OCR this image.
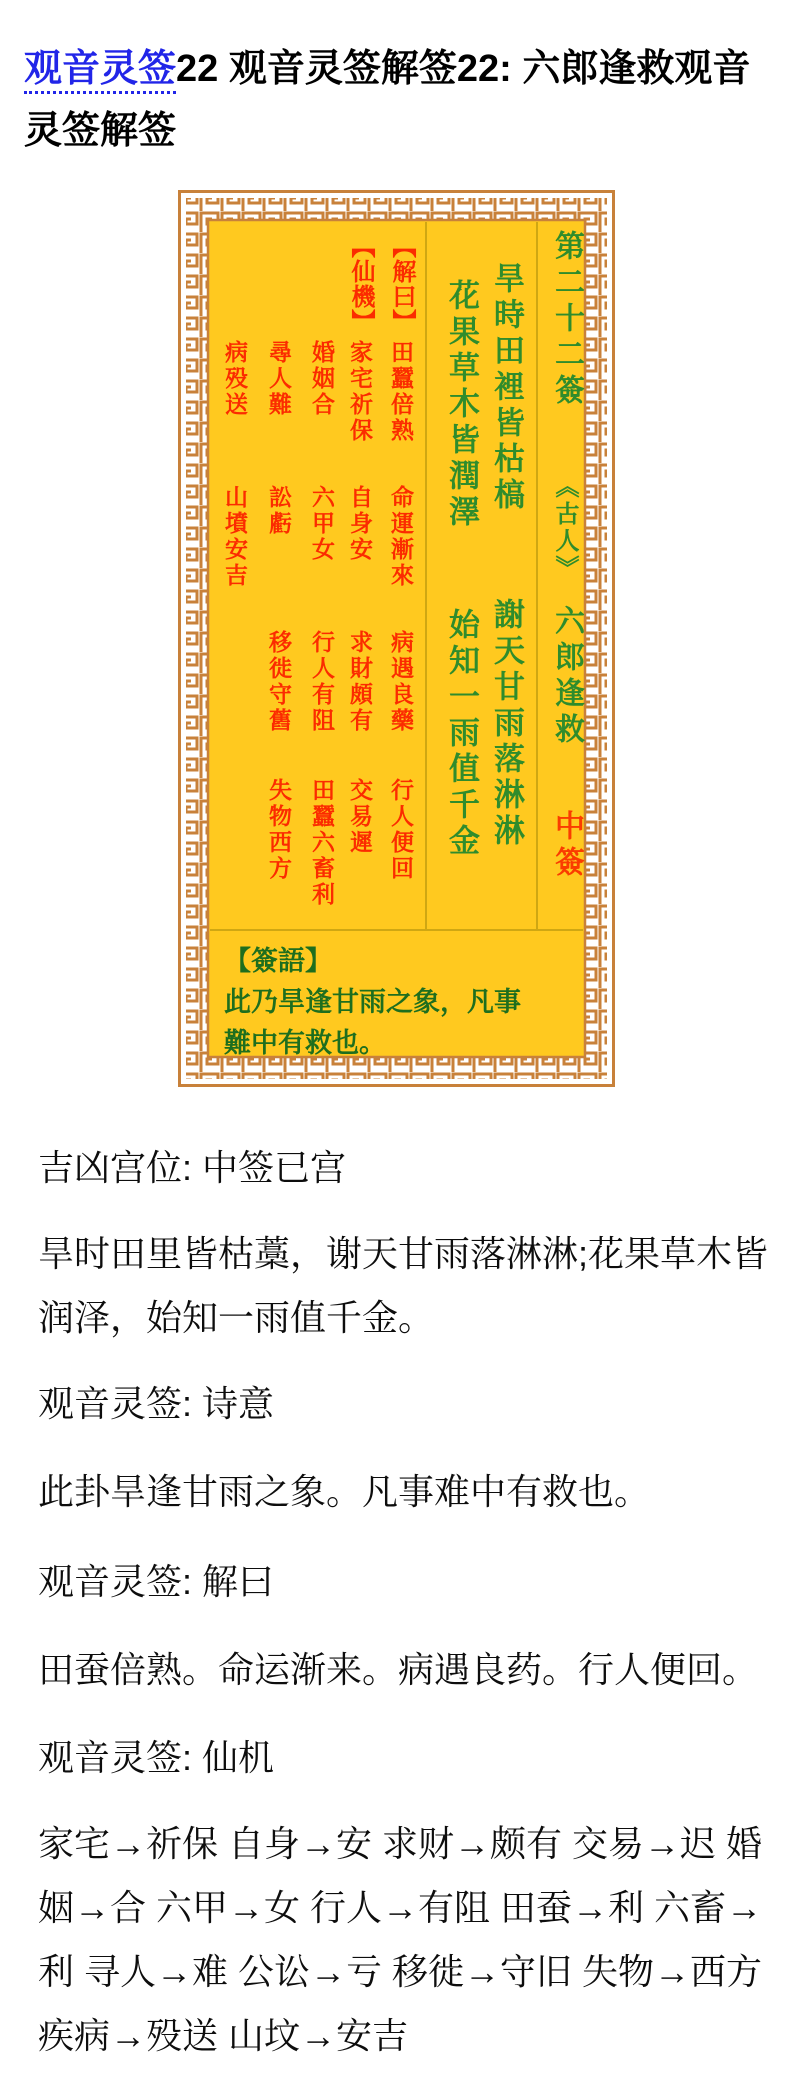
观音灵签22 观音灵签解签22: 六郎逢救观音灵签解签
第二十二簽
《古人》
六郎逢救
中簽
旱時田裡皆枯槁
謝天甘雨落淋淋
花果草木皆潤澤
始知一雨值千金
【解曰】
田蠶倍熟
命運漸來
病遇良藥
行人便回
【仙機】
家宅祈保
自身安
求財頗有
交易遲
婚姻合
六甲女
行人有阻
田蠶六畜利
尋人難
訟虧
移徙守舊
失物西方
病殁送
山墳安吉
【簽語】
此乃旱逢甘雨之象，凡事
難中有救也。
吉凶宫位: 中签已宫
旱时田里皆枯藁，谢天甘雨落淋淋;花果草木皆润泽，始知一雨值千金。
观音灵签: 诗意
此卦旱逢甘雨之象。凡事难中有救也。
观音灵签: 解曰
田蚕倍熟。命运渐来。病遇良药。行人便回。
观音灵签: 仙机
家宅→祈保 自身→安 求财→颇有 交易→迟 婚姻→合 六甲→女 行人→有阻 田蚕→利 六畜→利 寻人→难 公讼→亏 移徙→守旧 失物→西方 疾病→殁送 山坟→安吉
